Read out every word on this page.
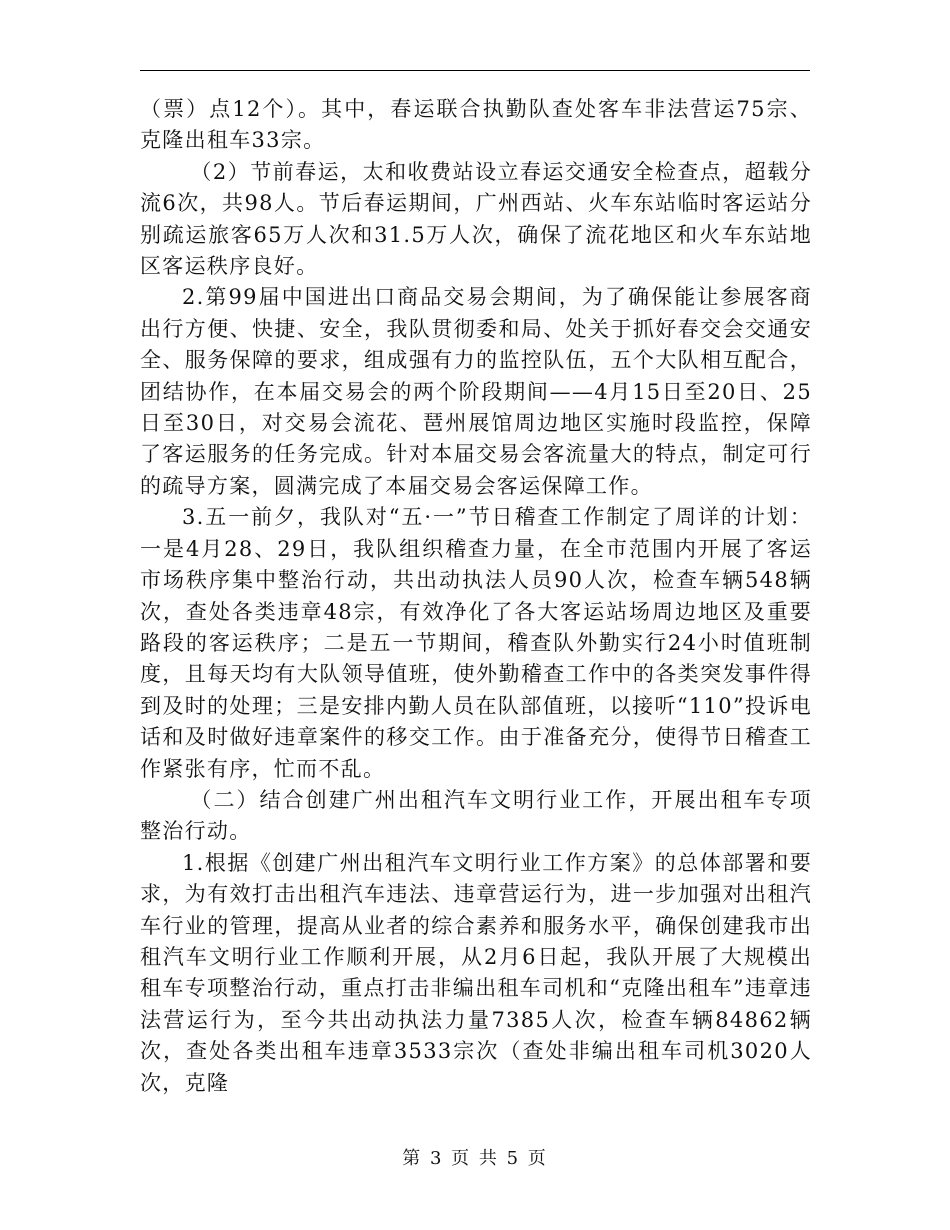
（票）点12个）。其中，春运联合执勤队查处客车非法营运75宗、克隆出租车33宗。

（2）节前春运，太和收费站设立春运交通安全检查点，超载分流6次，共98人。节后春运期间，广州西站、火车东站临时客运站分别疏运旅客65万人次和31.5万人次，确保了流花地区和火车东站地区客运秩序良好。

2.第99届中国进出口商品交易会期间，为了确保能让参展客商出行方便、快捷、安全，我队贯彻委和局、处关于抓好春交会交通安全、服务保障的要求，组成强有力的监控队伍，五个大队相互配合，团结协作，在本届交易会的两个阶段期间——4月15日至20日、25日至30日，对交易会流花、琶州展馆周边地区实施时段监控，保障了客运服务的任务完成。针对本届交易会客流量大的特点，制定可行的疏导方案，圆满完成了本届交易会客运保障工作。

3.五一前夕，我队对“五·一”节日稽查工作制定了周详的计划：一是4月28、29日，我队组织稽查力量，在全市范围内开展了客运市场秩序集中整治行动，共出动执法人员90人次，检查车辆548辆次，查处各类违章48宗，有效净化了各大客运站场周边地区及重要路段的客运秩序；二是五一节期间，稽查队外勤实行24小时值班制度，且每天均有大队领导值班，使外勤稽查工作中的各类突发事件得到及时的处理；三是安排内勤人员在队部值班，以接听“110”投诉电话和及时做好违章案件的移交工作。由于准备充分，使得节日稽查工作紧张有序，忙而不乱。

（二）结合创建广州出租汽车文明行业工作，开展出租车专项整治行动。

1.根据《创建广州出租汽车文明行业工作方案》的总体部署和要求，为有效打击出租汽车违法、违章营运行为，进一步加强对出租汽车行业的管理，提高从业者的综合素养和服务水平，确保创建我市出租汽车文明行业工作顺利开展，从2月6日起，我队开展了大规模出租车专项整治行动，重点打击非编出租车司机和“克隆出租车”违章违法营运行为，至今共出动执法力量7385人次，检查车辆84862辆次，查处各类出租车违章3533宗次（查处非编出租车司机3020人次，克隆

第 3 页 共 5 页
